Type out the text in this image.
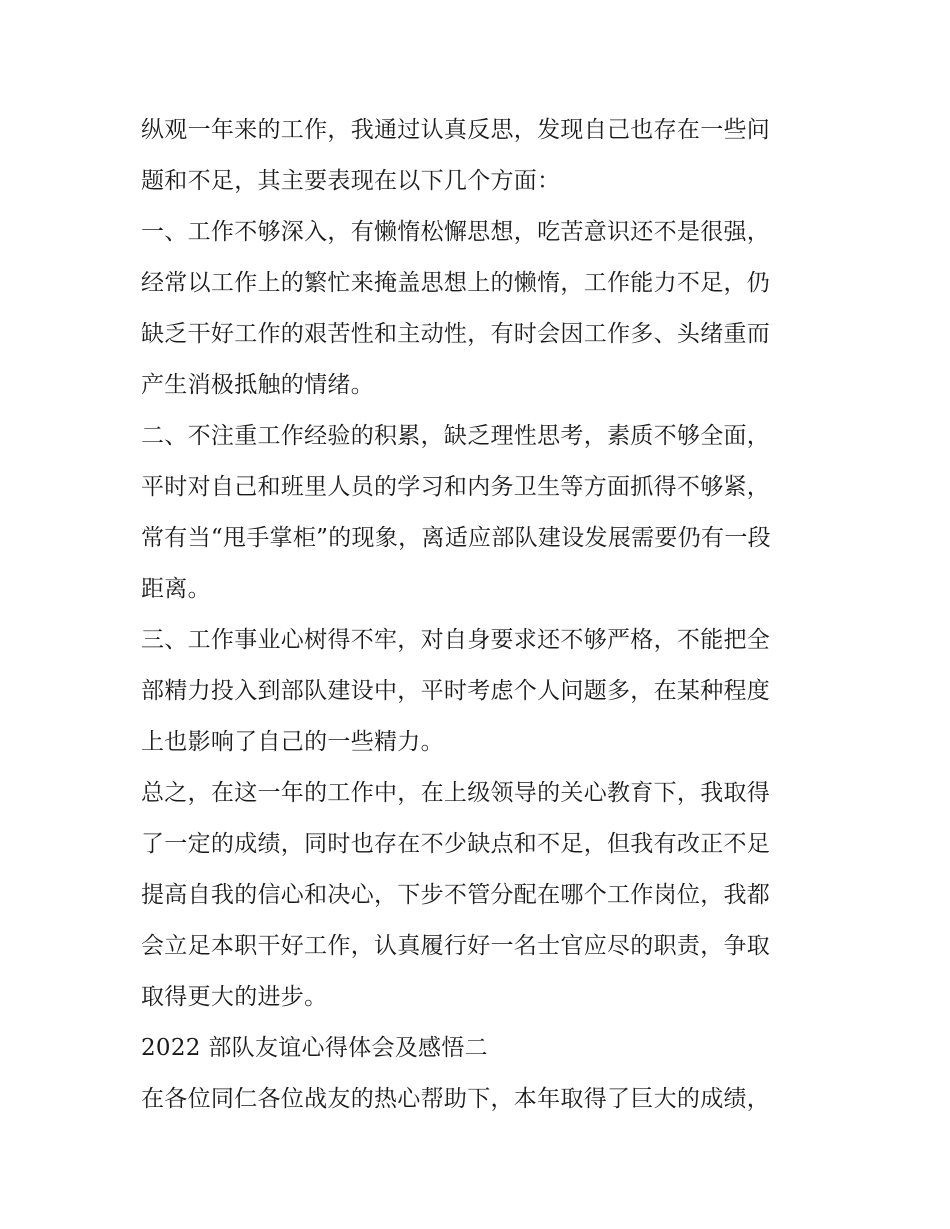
纵观一年来的工作，我通过认真反思，发现自己也存在一些问
题和不足，其主要表现在以下几个方面：
一、工作不够深入，有懒惰松懈思想，吃苦意识还不是很强，
经常以工作上的繁忙来掩盖思想上的懒惰，工作能力不足，仍
缺乏干好工作的艰苦性和主动性，有时会因工作多、头绪重而
产生消极抵触的情绪。
二、不注重工作经验的积累，缺乏理性思考，素质不够全面，
平时对自己和班里人员的学习和内务卫生等方面抓得不够紧，
常有当“甩手掌柜”的现象，离适应部队建设发展需要仍有一段
距离。
三、工作事业心树得不牢，对自身要求还不够严格，不能把全
部精力投入到部队建设中，平时考虑个人问题多，在某种程度
上也影响了自己的一些精力。
总之，在这一年的工作中，在上级领导的关心教育下，我取得
了一定的成绩，同时也存在不少缺点和不足，但我有改正不足
提高自我的信心和决心，下步不管分配在哪个工作岗位，我都
会立足本职干好工作，认真履行好一名士官应尽的职责，争取
取得更大的进步。
2022 部队友谊心得体会及感悟二
在各位同仁各位战友的热心帮助下，本年取得了巨大的成绩，
